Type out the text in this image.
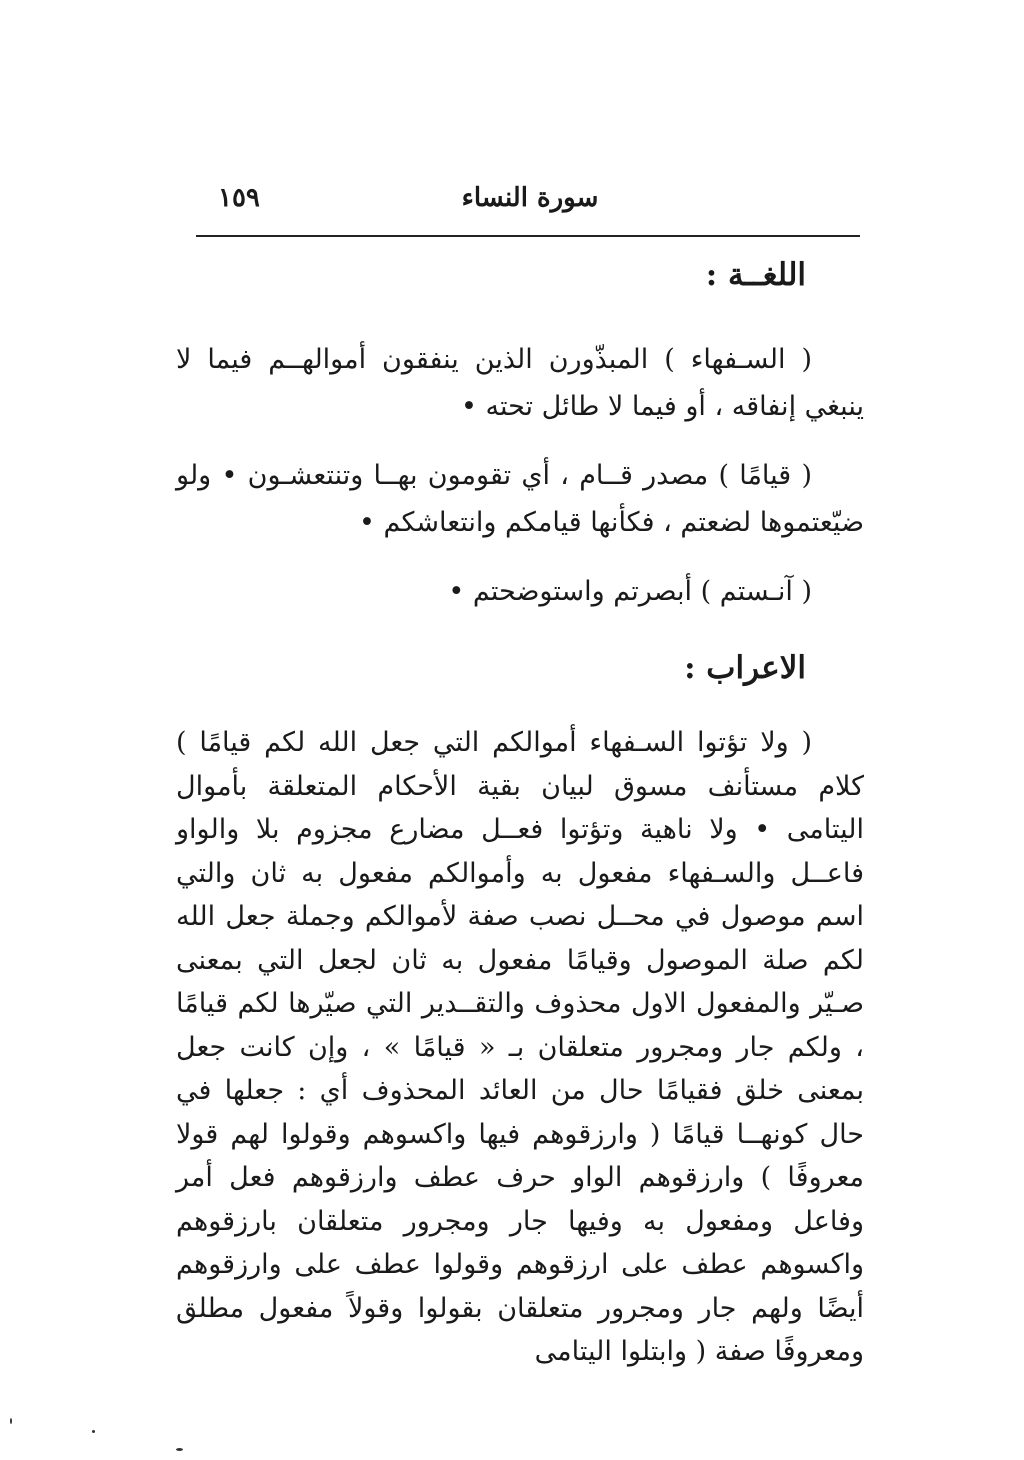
١٥٩	سورة النساء
اللغــة :

( السـفهاء ) المبذّورن الذين ينفقون أموالهــم فيما لا ينبغي إنفاقه ، أو فيما لا طائل تحته •

( قيامًا ) مصدر قــام ، أي تقومون بهــا وتنتعشـون • ولو ضيّعتموها لضعتم ، فكأنها قيامكم وانتعاشكم •

( آنـستم ) أبصرتم واستوضحتم •

الاعراب :

( ولا تؤتوا السـفهاء أموالكم التي جعل الله لكم قيامًا ) كلام مستأنف مسوق لبيان بقية الأحكام المتعلقة بأموال اليتامى • ولا ناهية وتؤتوا فعــل مضارع مجزوم بلا والواو فاعــل والسـفهاء مفعول به وأموالكم مفعول به ثان والتي اسم موصول في محــل نصب صفة لأموالكم وجملة جعل الله لكم صلة الموصول وقيامًا مفعول به ثان لجعل التي بمعنى صـيّر والمفعول الاول محذوف والتقــدير التي صيّرها لكم قيامًا ، ولكم جار ومجرور متعلقان بـ « قيامًا » ، وإن كانت جعل بمعنى خلق فقيامًا حال من العائد المحذوف أي : جعلها في حال كونهــا قيامًا ( وارزقوهم فيها واكسوهم وقولوا لهم قولا معروفًا ) وارزقوهم الواو حرف عطف وارزقوهم فعل أمر وفاعل ومفعول به وفيها جار ومجرور متعلقان بارزقوهم واكسوهم عطف على ارزقوهم وقولوا عطف على وارزقوهم أيضًا ولهم جار ومجرور متعلقان بقولوا وقولاً مفعول مطلق ومعروفًا صفة ( وابتلوا اليتامى
